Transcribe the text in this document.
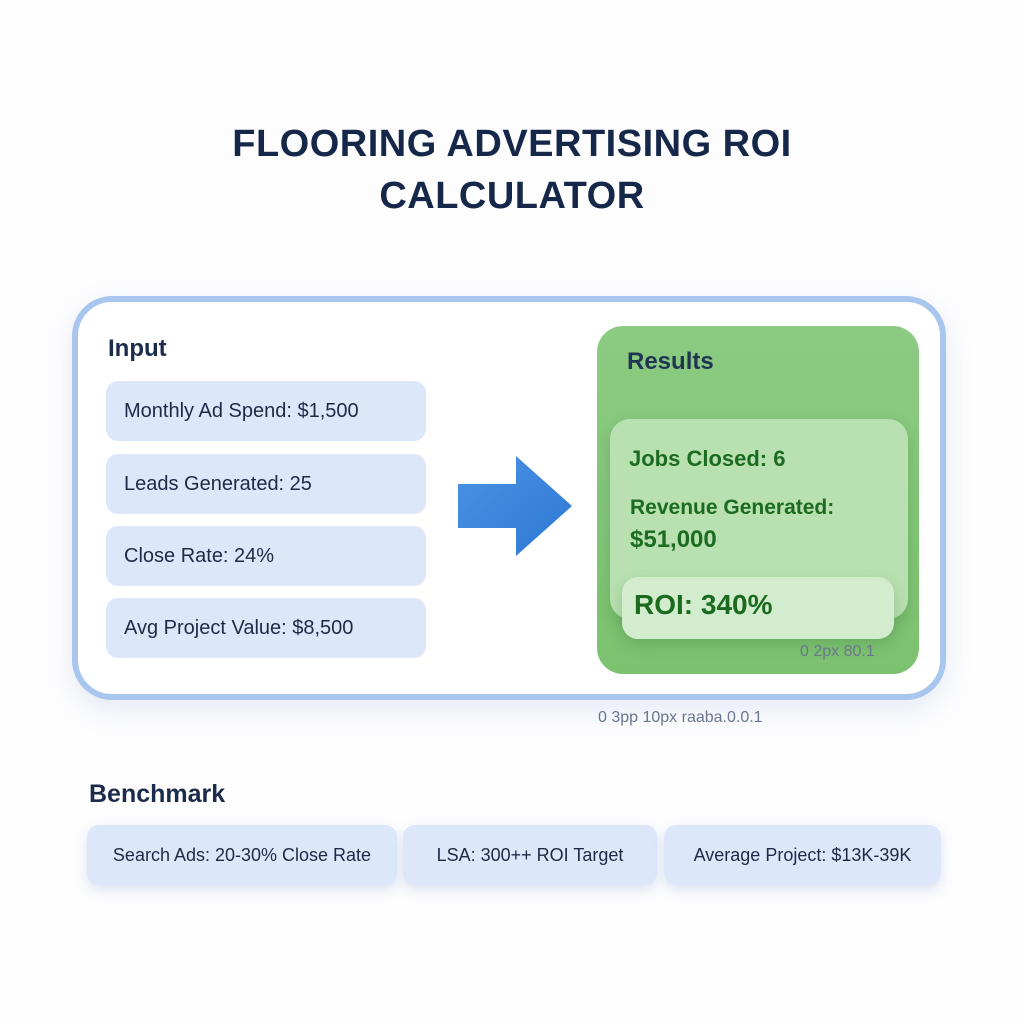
FLOORING ADVERTISING ROI
CALCULATOR
Input
Monthly Ad Spend: $1,500
Leads Generated: 25
Close Rate: 24%
Avg Project Value: $8,500
Results
Jobs Closed: 6
Revenue Generated:
$51,000
ROI: 340%
0 2px 80.1
0 3pp 10px raaba.0.0.1
Benchmark
Search Ads: 20-30% Close Rate	LSA: 300++ ROI Target	Average Project: $13K-39K
